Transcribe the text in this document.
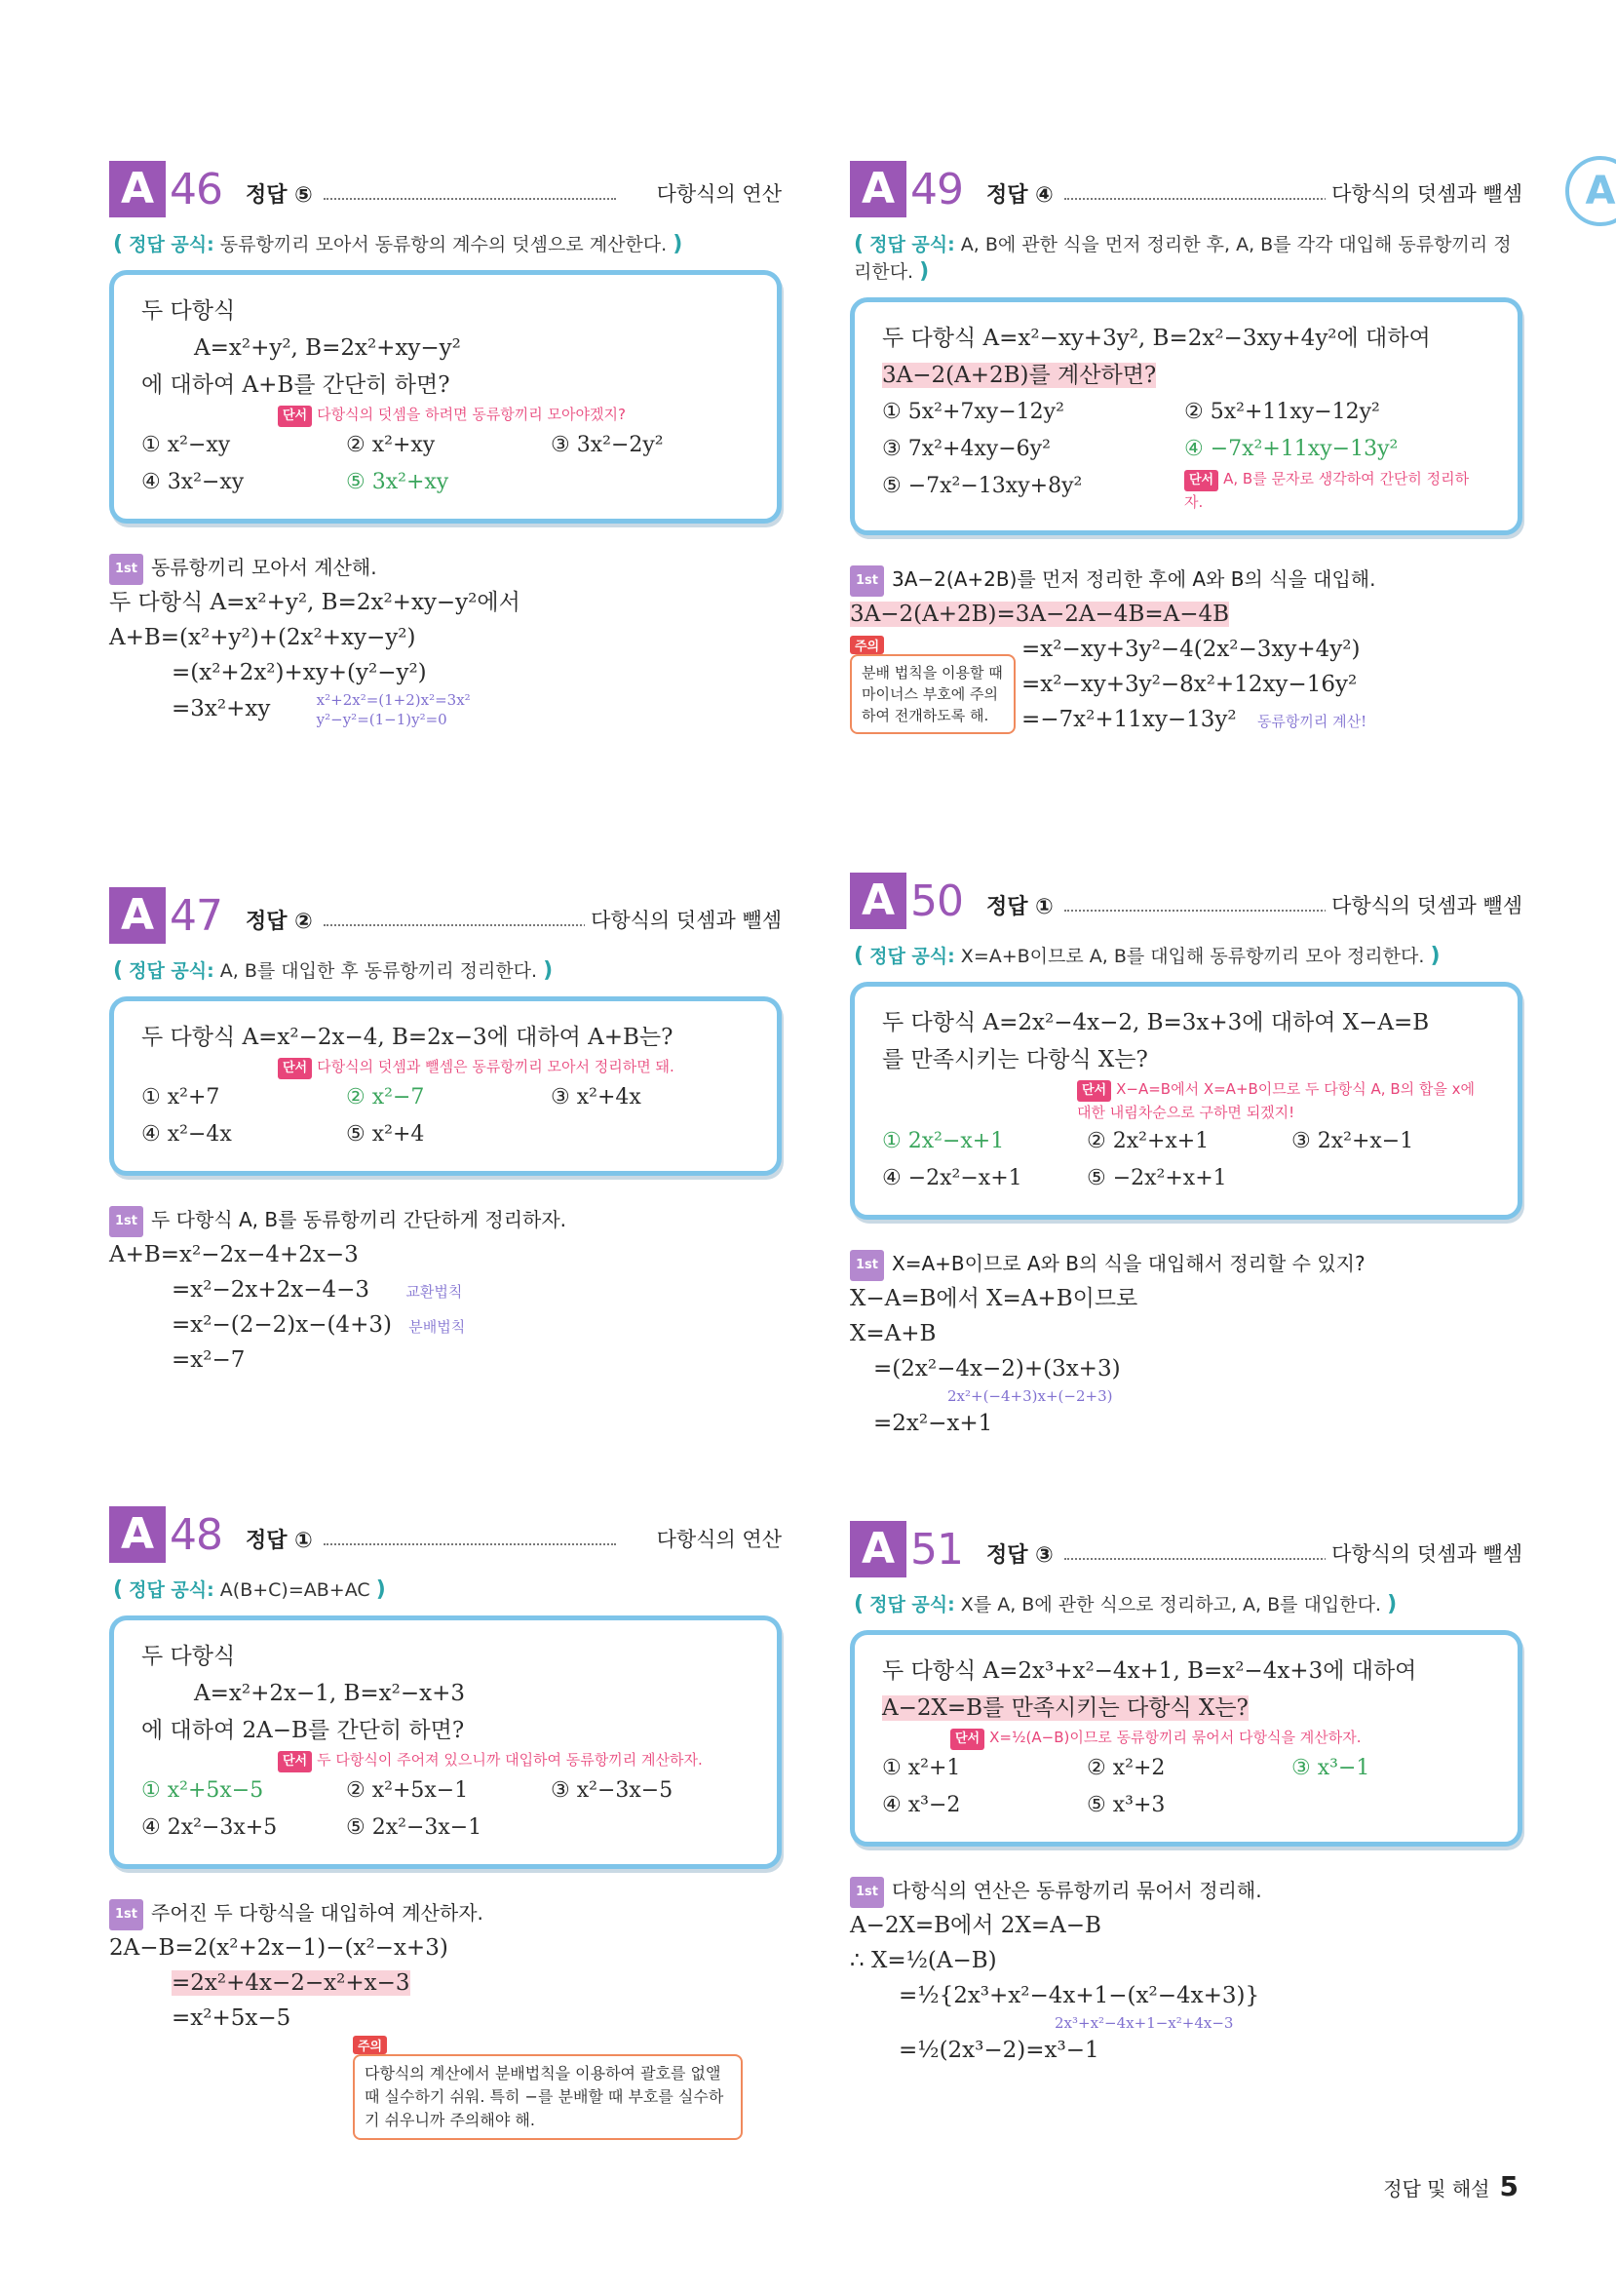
A
A 46 정답 ⑤	다항식의 연산
( 정답 공식: 동류항끼리 모아서 동류항의 계수의 덧셈으로 계산한다. )
두 다항식
A=x²+y², B=2x²+xy−y²
에 대하여 A+B를 간단히 하면?
단서 다항식의 덧셈을 하려면 동류항끼리 모아야겠지?
① x²−xy	② x²+xy	③ 3x²−2y²
④ 3x²−xy	⑤ 3x²+xy
1st 동류항끼리 모아서 계산해.
두 다항식 A=x²+y², B=2x²+xy−y²에서
A+B=(x²+y²)+(2x²+xy−y²)
=(x²+2x²)+xy+(y²−y²)
=3x²+xy	x²+2x²=(1+2)x²=3x²
y²−y²=(1−1)y²=0
A 47 정답 ②	다항식의 덧셈과 뺄셈
( 정답 공식: A, B를 대입한 후 동류항끼리 정리한다. )
두 다항식 A=x²−2x−4, B=2x−3에 대하여 A+B는?
단서 다항식의 덧셈과 뺄셈은 동류항끼리 모아서 정리하면 돼.
① x²+7	② x²−7	③ x²+4x
④ x²−4x	⑤ x²+4
1st 두 다항식 A, B를 동류항끼리 간단하게 정리하자.
A+B=x²−2x−4+2x−3
=x²−2x+2x−4−3 교환법칙
=x²−(2−2)x−(4+3) 분배법칙
=x²−7
A 48 정답 ①	다항식의 연산
( 정답 공식: A(B+C)=AB+AC )
두 다항식
A=x²+2x−1, B=x²−x+3
에 대하여 2A−B를 간단히 하면?
단서 두 다항식이 주어져 있으니까 대입하여 동류항끼리 계산하자.
① x²+5x−5	② x²+5x−1	③ x²−3x−5
④ 2x²−3x+5	⑤ 2x²−3x−1
1st 주어진 두 다항식을 대입하여 계산하자.
2A−B=2(x²+2x−1)−(x²−x+3)
=2x²+4x−2−x²+x−3
=x²+5x−5
주의 다항식의 계산에서 분배법칙을 이용하여 괄호를 없앨 때 실수하기 쉬워. 특히 −를 분배할 때 부호를 실수하기 쉬우니까 주의해야 해.
A 49 정답 ④	다항식의 덧셈과 뺄셈
( 정답 공식: A, B에 관한 식을 먼저 정리한 후, A, B를 각각 대입해 동류항끼리 정리한다. )
두 다항식 A=x²−xy+3y², B=2x²−3xy+4y²에 대하여
3A−2(A+2B)를 계산하면?
① 5x²+7xy−12y²	② 5x²+11xy−12y²
③ 7x²+4xy−6y²	④ −7x²+11xy−13y²
⑤ −7x²−13xy+8y²	단서 A, B를 문자로 생각하여 간단히 정리하자.
1st 3A−2(A+2B)를 먼저 정리한 후에 A와 B의 식을 대입해.
3A−2(A+2B)=3A−2A−4B=A−4B
주의 분배 법칙을 이용할 때 마이너스 부호에 주의하여 전개하도록 해.
=x²−xy+3y²−4(2x²−3xy+4y²)
=x²−xy+3y²−8x²+12xy−16y²
=−7x²+11xy−13y² 동류항끼리 계산!
A 50 정답 ①	다항식의 덧셈과 뺄셈
( 정답 공식: X=A+B이므로 A, B를 대입해 동류항끼리 모아 정리한다. )
두 다항식 A=2x²−4x−2, B=3x+3에 대하여 X−A=B
를 만족시키는 다항식 X는?
단서 X−A=B에서 X=A+B이므로 두 다항식 A, B의 합을 x에 대한 내림차순으로 구하면 되겠지!
① 2x²−x+1	② 2x²+x+1	③ 2x²+x−1
④ −2x²−x+1	⑤ −2x²+x+1
1st X=A+B이므로 A와 B의 식을 대입해서 정리할 수 있지?
X−A=B에서 X=A+B이므로
X=A+B
=(2x²−4x−2)+(3x+3)
2x²+(−4+3)x+(−2+3)
=2x²−x+1
A 51 정답 ③	다항식의 덧셈과 뺄셈
( 정답 공식: X를 A, B에 관한 식으로 정리하고, A, B를 대입한다. )
두 다항식 A=2x³+x²−4x+1, B=x²−4x+3에 대하여
A−2X=B를 만족시키는 다항식 X는?
단서 X=½(A−B)이므로 동류항끼리 묶어서 다항식을 계산하자.
① x²+1	② x²+2	③ x³−1
④ x³−2	⑤ x³+3
1st 다항식의 연산은 동류항끼리 묶어서 정리해.
A−2X=B에서 2X=A−B
∴ X=½(A−B)
=½{2x³+x²−4x+1−(x²−4x+3)}
2x³+x²−4x+1−x²+4x−3
=½(2x³−2)=x³−1
정답 및 해설 5
